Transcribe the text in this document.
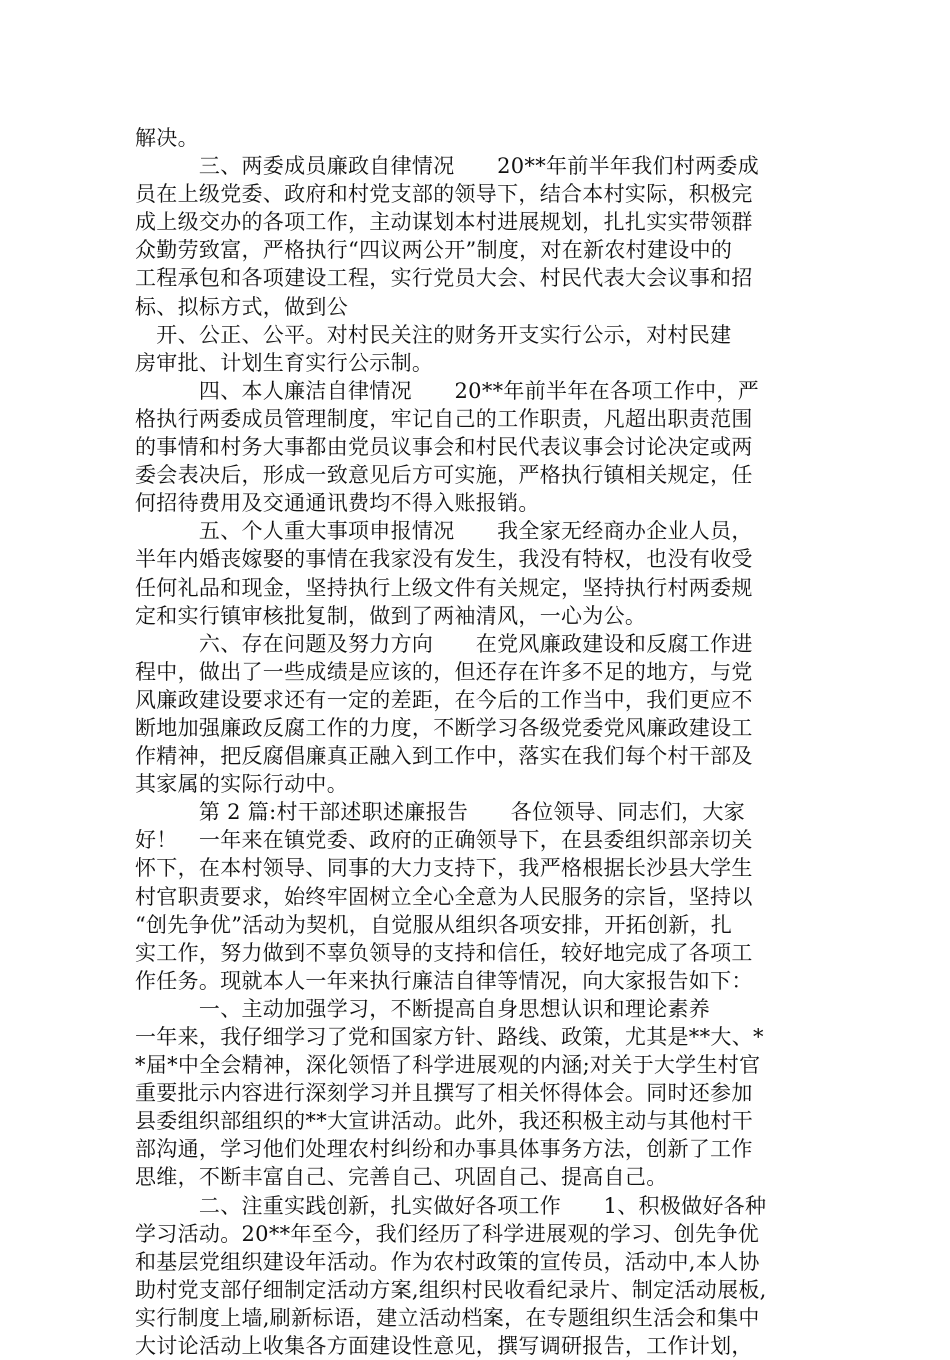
解决。
　　　三、两委成员廉政自律情况　　20**年前半年我们村两委成
员在上级党委、政府和村党支部的领导下，结合本村实际，积极完
成上级交办的各项工作，主动谋划本村进展规划，扎扎实实带领群
众勤劳致富，严格执行“四议两公开”制度，对在新农村建设中的
工程承包和各项建设工程，实行党员大会、村民代表大会议事和招
标、拟标方式，做到公
　开、公正、公平。对村民关注的财务开支实行公示，对村民建
房审批、计划生育实行公示制。
　　　四、本人廉洁自律情况　　20**年前半年在各项工作中，严
格执行两委成员管理制度，牢记自己的工作职责，凡超出职责范围
的事情和村务大事都由党员议事会和村民代表议事会讨论决定或两
委会表决后，形成一致意见后方可实施，严格执行镇相关规定，任
何招待费用及交通通讯费均不得入账报销。
　　　五、个人重大事项申报情况　　我全家无经商办企业人员，
半年内婚丧嫁娶的事情在我家没有发生，我没有特权，也没有收受
任何礼品和现金，坚持执行上级文件有关规定，坚持执行村两委规
定和实行镇审核批复制，做到了两袖清风，一心为公。
　　　六、存在问题及努力方向　　在党风廉政建设和反腐工作进
程中，做出了一些成绩是应该的，但还存在许多不足的地方，与党
风廉政建设要求还有一定的差距，在今后的工作当中，我们更应不
断地加强廉政反腐工作的力度，不断学习各级党委党风廉政建设工
作精神，把反腐倡廉真正融入到工作中，落实在我们每个村干部及
其家属的实际行动中。
　　　第 2 篇:村干部述职述廉报告　　各位领导、同志们，大家
好！　一年来在镇党委、政府的正确领导下，在县委组织部亲切关
怀下，在本村领导、同事的大力支持下，我严格根据长沙县大学生
村官职责要求，始终牢固树立全心全意为人民服务的宗旨，坚持以
“创先争优”活动为契机，自觉服从组织各项安排，开拓创新，扎
实工作，努力做到不辜负领导的支持和信任，较好地完成了各项工
作任务。现就本人一年来执行廉洁自律等情况，向大家报告如下：
　　　一、主动加强学习，不断提高自身思想认识和理论素养
一年来，我仔细学习了党和国家方针、路线、政策，尤其是**大、*
*届*中全会精神，深化领悟了科学进展观的内涵;对关于大学生村官
重要批示内容进行深刻学习并且撰写了相关怀得体会。同时还参加
县委组织部组织的**大宣讲活动。此外，我还积极主动与其他村干
部沟通，学习他们处理农村纠纷和办事具体事务方法，创新了工作
思维，不断丰富自己、完善自己、巩固自己、提高自己。
　　　二、注重实践创新，扎实做好各项工作　　1、积极做好各种
学习活动。20**年至今，我们经历了科学进展观的学习、创先争优
和基层党组织建设年活动。作为农村政策的宣传员，活动中,本人协
助村党支部仔细制定活动方案,组织村民收看纪录片、制定活动展板,
实行制度上墙,刷新标语，建立活动档案，在专题组织生活会和集中
大讨论活动上收集各方面建设性意见，撰写调研报告，工作计划，
